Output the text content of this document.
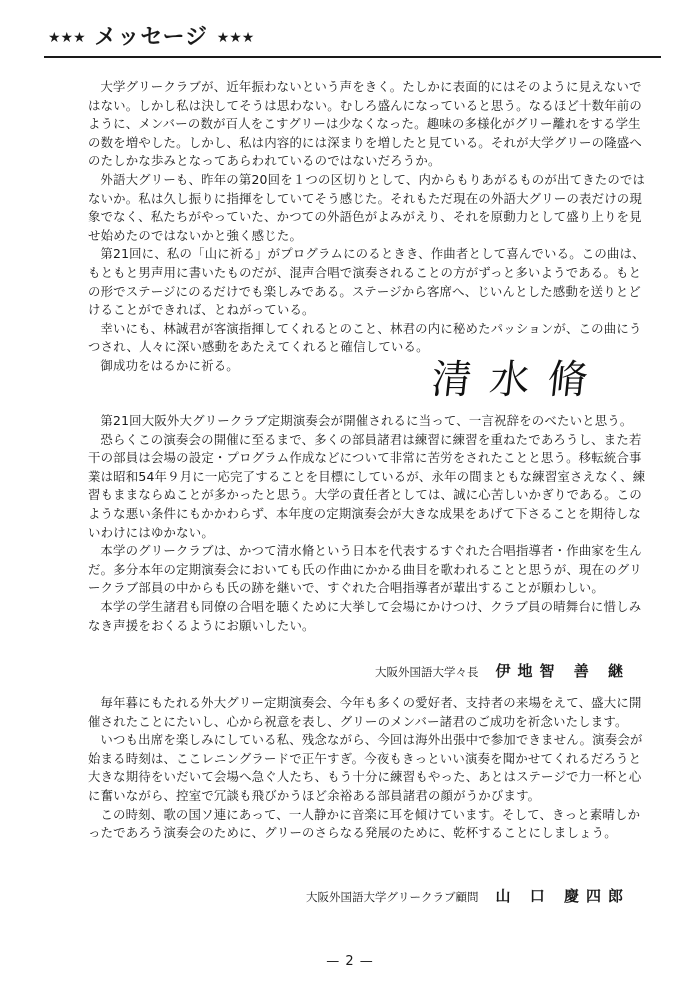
★★★ メッセージ ★★★

大学グリークラブが、近年振わないという声をきく。たしかに表面的にはそのように見えないではない。しかし私は決してそうは思わない。むしろ盛んになっていると思う。なるほど十数年前のように、メンバーの数が百人をこすグリーは少なくなった。趣味の多様化がグリー離れをする学生の数を増やした。しかし、私は内容的には深まりを増したと見ている。それが大学グリーの隆盛へのたしかな歩みとなってあらわれているのではないだろうか。

外語大グリーも、昨年の第20回を１つの区切りとして、内からもりあがるものが出てきたのではないか。私は久し振りに指揮をしていてそう感じた。それもただ現在の外語大グリーの表だけの現象でなく、私たちがやっていた、かつての外語色がよみがえり、それを原動力として盛り上りを見せ始めたのではないかと強く感じた。

第21回に、私の「山に祈る」がプログラムにのるときき、作曲者として喜んでいる。この曲は、もともと男声用に書いたものだが、混声合唱で演奏されることの方がずっと多いようである。もとの形でステージにのるだけでも楽しみである。ステージから客席へ、じいんとした感動を送りとどけることができれば、とねがっている。

幸いにも、林誠君が客演指揮してくれるとのこと、林君の内に秘めたパッションが、この曲にうつされ、人々に深い感動をあたえてくれると確信している。

御成功をはるかに祈る。	清水脩

第21回大阪外大グリークラブ定期演奏会が開催されるに当って、一言祝辞をのべたいと思う。

恐らくこの演奏会の開催に至るまで、多くの部員諸君は練習に練習を重ねたであろうし、また若干の部員は会場の設定・プログラム作成などについて非常に苦労をされたことと思う。移転統合事業は昭和54年９月に一応完了することを目標にしているが、永年の間まともな練習室さえなく、練習もままならぬことが多かったと思う。大学の責任者としては、誠に心苦しいかぎりである。このような悪い条件にもかかわらず、本年度の定期演奏会が大きな成果をあげて下さることを期待しないわけにはゆかない。

本学のグリークラブは、かつて清水脩という日本を代表するすぐれた合唱指導者・作曲家を生んだ。多分本年の定期演奏会においても氏の作曲にかかる曲目を歌われることと思うが、現在のグリークラブ部員の中からも氏の跡を継いで、すぐれた合唱指導者が輩出することが願わしい。

本学の学生諸君も同僚の合唱を聴くために大挙して会場にかけつけ、クラブ員の晴舞台に惜しみなき声援をおくるようにお願いしたい。

大阪外国語大学々長 伊地智 善 継

毎年暮にもたれる外大グリー定期演奏会、今年も多くの愛好者、支持者の来場をえて、盛大に開催されたことにたいし、心から祝意を表し、グリーのメンバー諸君のご成功を祈念いたします。

いつも出席を楽しみにしている私、残念ながら、今回は海外出張中で参加できません。演奏会が始まる時刻は、ここレニングラードで正午すぎ。今夜もきっといい演奏を聞かせてくれるだろうと大きな期待をいだいて会場へ急ぐ人たち、もう十分に練習もやった、あとはステージで力一杯と心に奮いながら、控室で冗談も飛びかうほど余裕ある部員諸君の顔がうかびます。

この時刻、歌の国ソ連にあって、一人静かに音楽に耳を傾けています。そして、きっと素晴しかったであろう演奏会のために、グリーのさらなる発展のために、乾杯することにしましょう。

大阪外国語大学グリークラブ顧問 山 口 慶四郎
— 2 —
